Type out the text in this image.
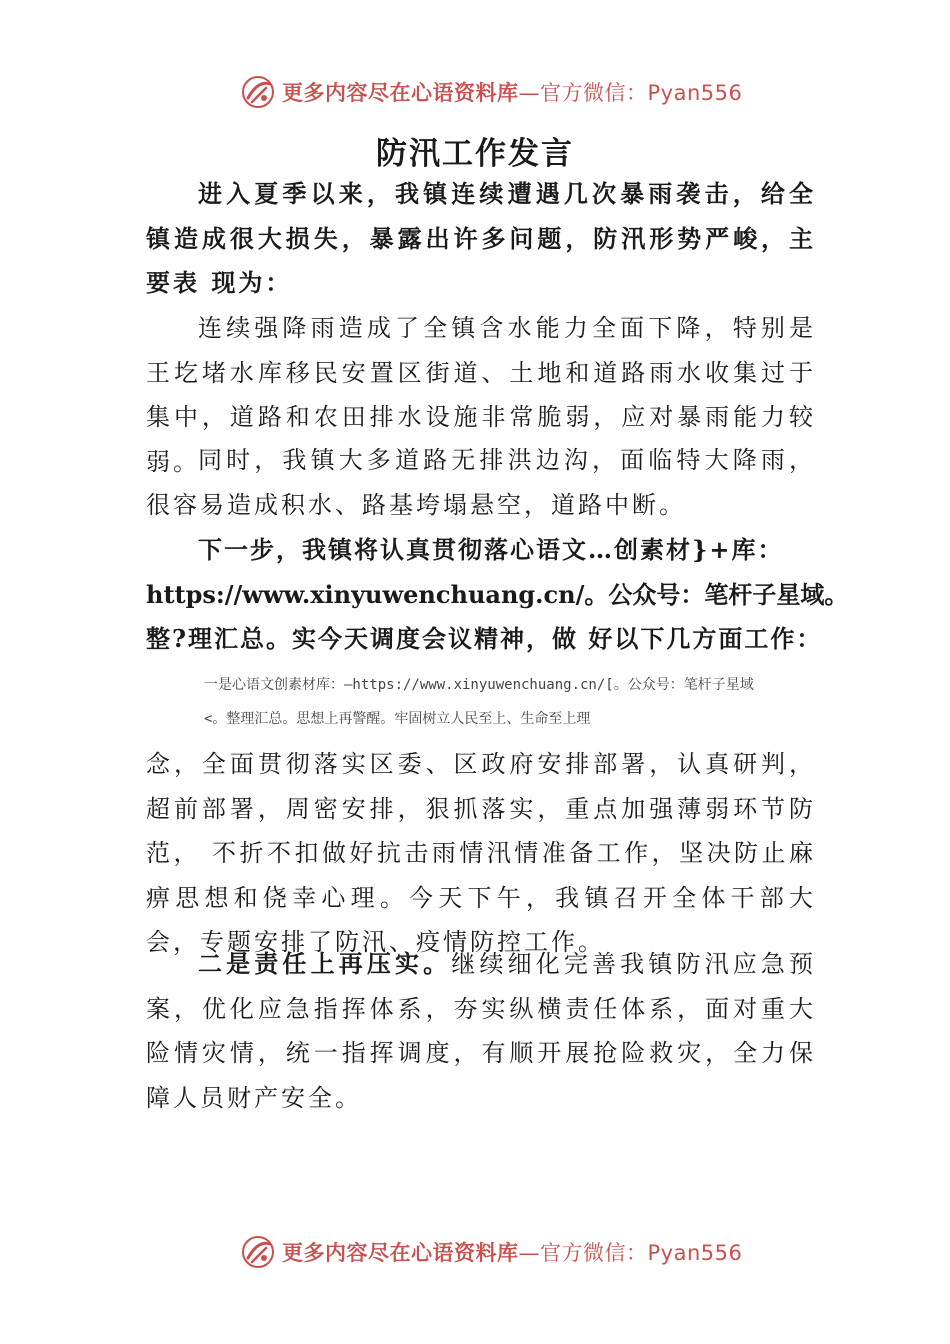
更多内容尽在心语资料库—官方微信：Pyan556
防汛工作发言

进入夏季以来，我镇连续遭遇几次暴雨袭击，给全镇造成很大损失，暴露出许多问题，防汛形势严峻，主要表 现为：

连续强降雨造成了全镇含水能力全面下降，特别是王圪堵水库移民安置区街道、土地和道路雨水收集过于集中，道路和农田排水设施非常脆弱，应对暴雨能力较弱。

同时，我镇大多道路无排洪边沟，面临特大降雨，很容易造成积水、路基垮塌悬空，道路中断。

下一步，我镇将认真贯彻落心语文…创素材}+库：

https://www.xinyuwenchuang.cn/。公众号：笔杆子星域。

整?理汇总。实今天调度会议精神，做 好以下几方面工作：

一是心语文创素材库：—https://www.xinyuwenchuang.cn/[。公众号：笔杆子星域

<。整理汇总。思想上再警醒。牢固树立人民至上、生命至上理

念，全面贯彻落实区委、区政府安排部署，认真研判，超前部署，周密安排，狠抓落实，重点加强薄弱环节防范， 不折不扣做好抗击雨情汛情准备工作，坚决防止麻痹思想和侥幸心理。今天下午，我镇召开全体干部大会，专题安排了防汛、疫情防控工作。

二是责任上再压实。继续细化完善我镇防汛应急预案，优化应急指挥体系，夯实纵横责任体系，面对重大险情灾情，统一指挥调度，有顺开展抢险救灾，全力保障人员财产安全。

更多内容尽在心语资料库—官方微信：Pyan556
